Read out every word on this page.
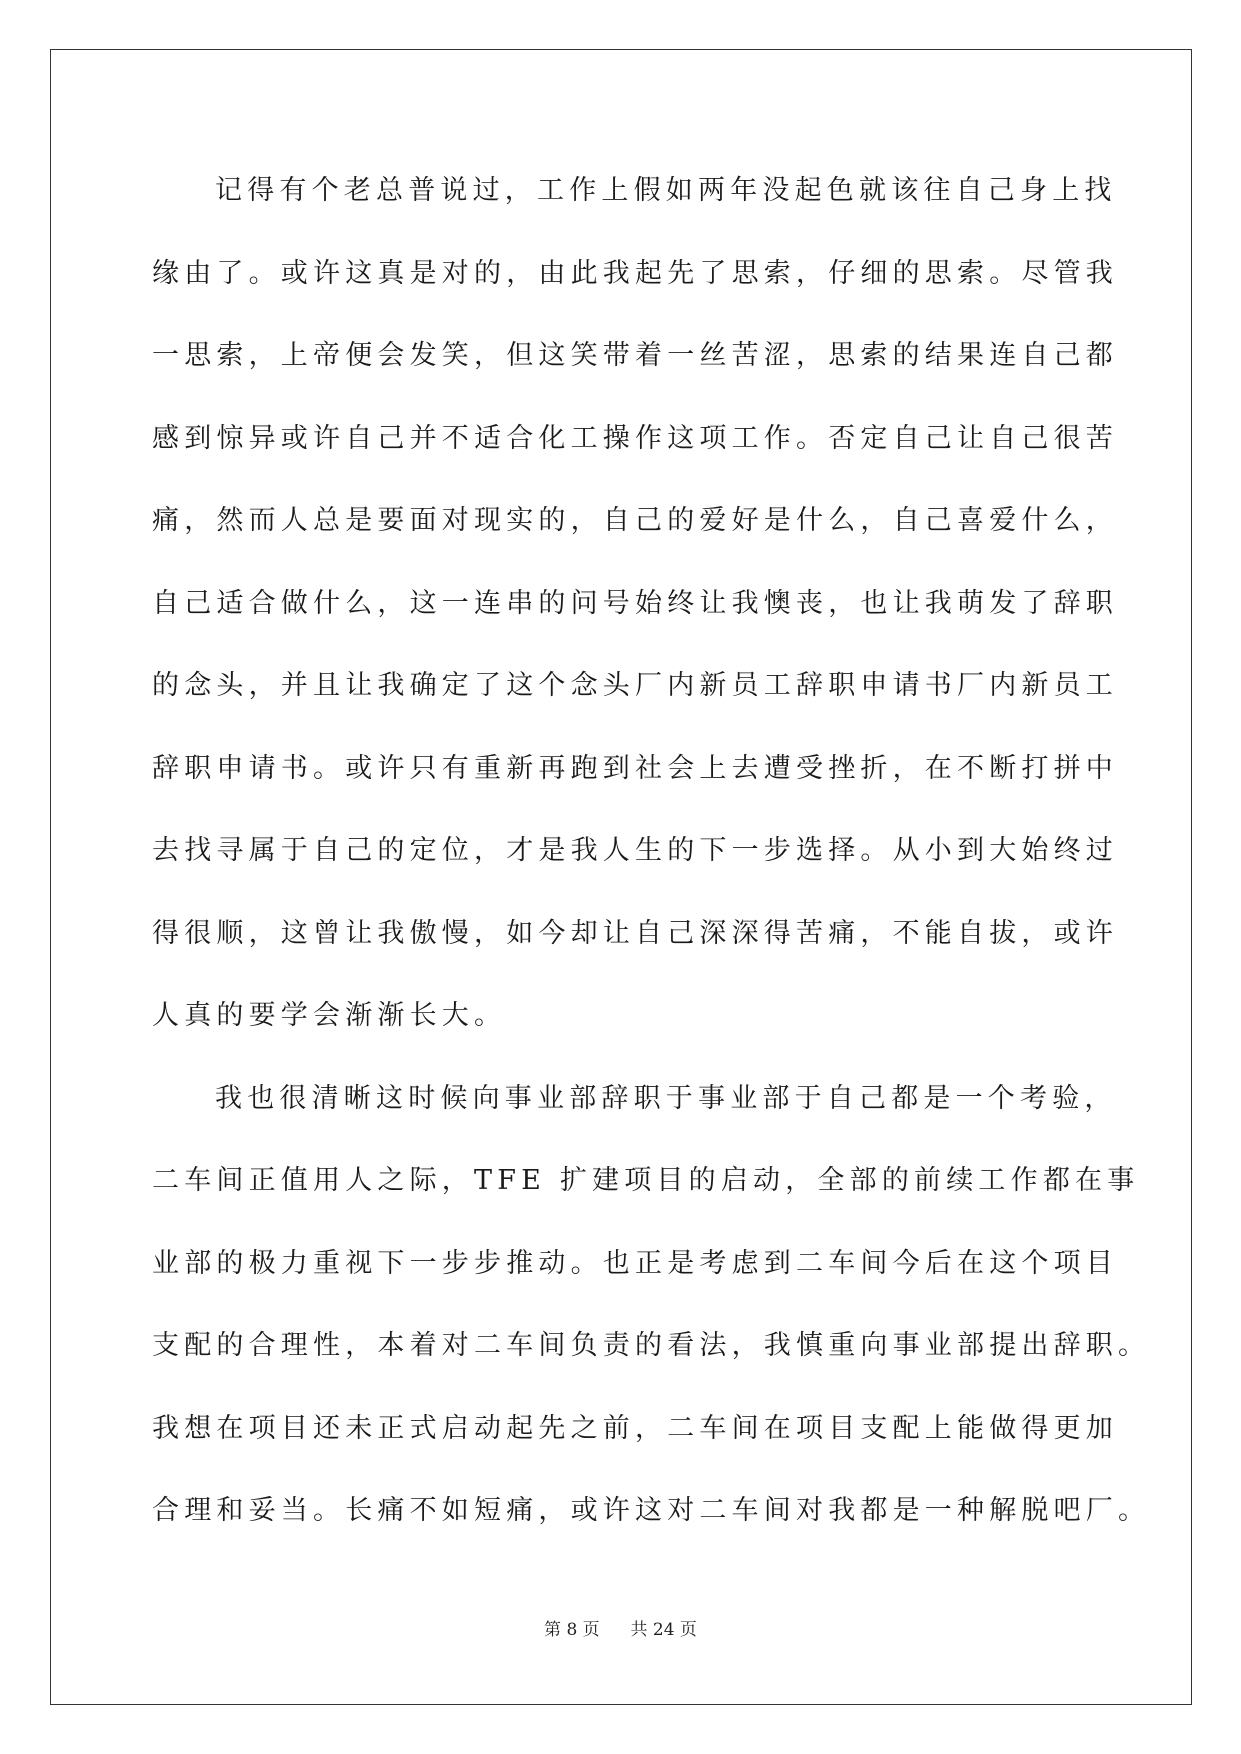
记得有个老总普说过，工作上假如两年没起色就该往自己身上找
缘由了。或许这真是对的，由此我起先了思索，仔细的思索。尽管我
一思索，上帝便会发笑，但这笑带着一丝苦涩，思索的结果连自己都
感到惊异或许自己并不适合化工操作这项工作。否定自己让自己很苦
痛，然而人总是要面对现实的，自己的爱好是什么，自己喜爱什么，
自己适合做什么，这一连串的问号始终让我懊丧，也让我萌发了辞职
的念头，并且让我确定了这个念头厂内新员工辞职申请书厂内新员工
辞职申请书。或许只有重新再跑到社会上去遭受挫折，在不断打拼中
去找寻属于自己的定位，才是我人生的下一步选择。从小到大始终过
得很顺，这曾让我傲慢，如今却让自己深深得苦痛，不能自拔，或许
人真的要学会渐渐长大。
我也很清晰这时候向事业部辞职于事业部于自己都是一个考验，
二车间正值用人之际，TFE 扩建项目的启动，全部的前续工作都在事
业部的极力重视下一步步推动。也正是考虑到二车间今后在这个项目
支配的合理性，本着对二车间负责的看法，我慎重向事业部提出辞职。
我想在项目还未正式启动起先之前，二车间在项目支配上能做得更加
合理和妥当。长痛不如短痛，或许这对二车间对我都是一种解脱吧厂。
第 8 页 共 24 页
